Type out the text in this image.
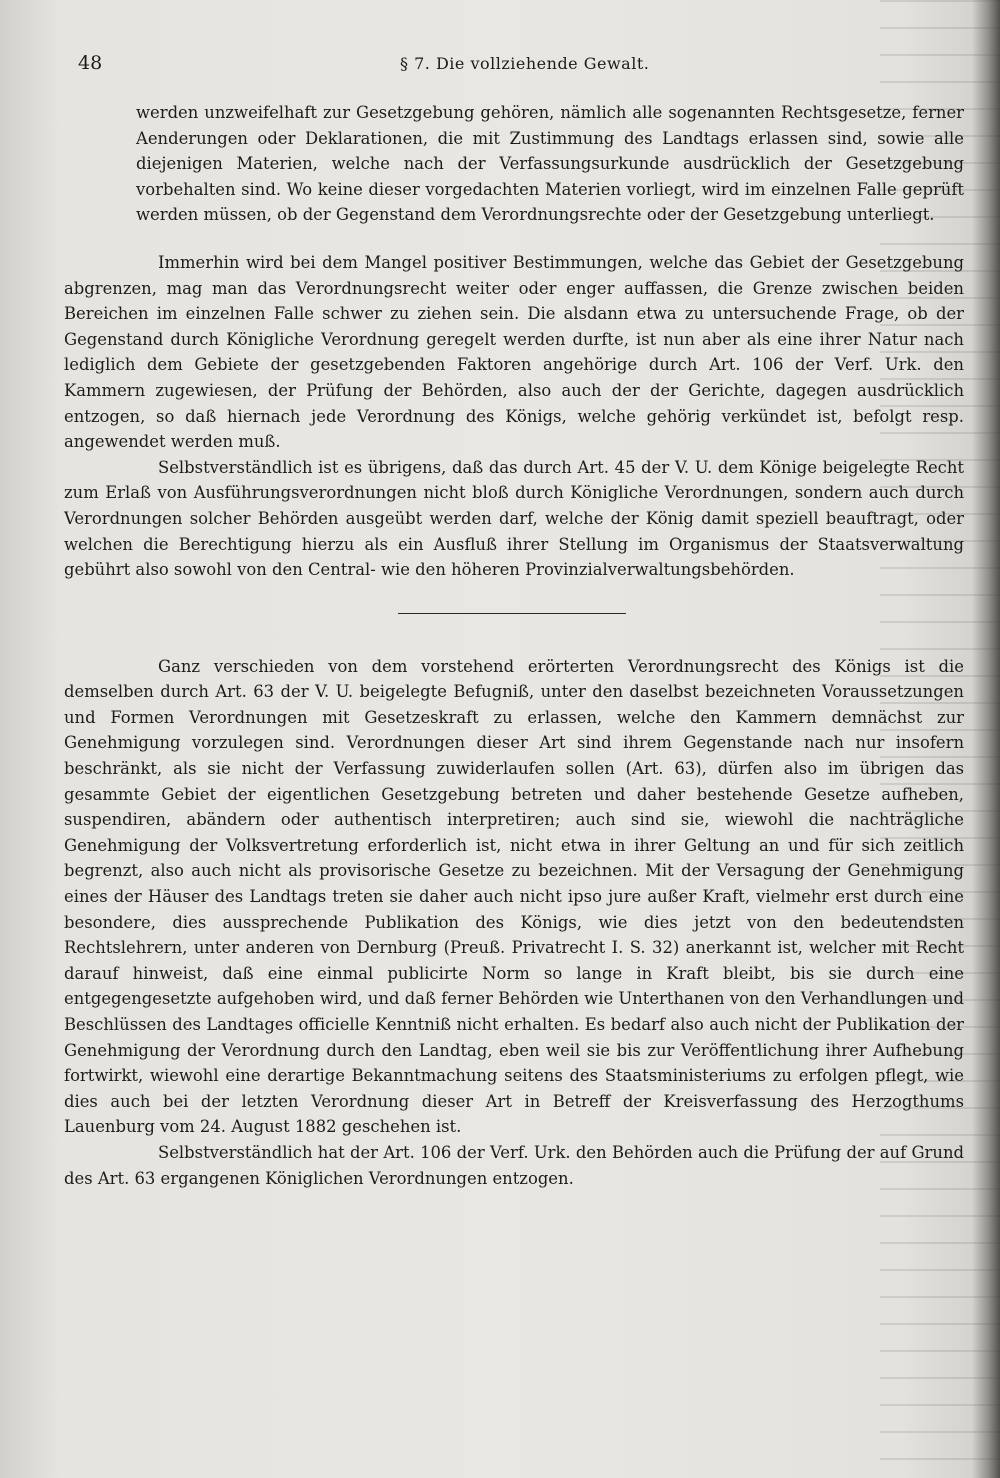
48	§ 7. Die vollziehende Gewalt.

werden unzweifelhaft zur Gesetzgebung gehören, nämlich alle sogenannten Rechtsgesetze, ferner Aenderungen oder Deklarationen, die mit Zustimmung des Landtags erlassen sind, sowie alle diejenigen Materien, welche nach der Verfassungsurkunde ausdrücklich der Gesetzgebung vorbehalten sind. Wo keine dieser vorgedachten Materien vorliegt, wird im einzelnen Falle geprüft werden müssen, ob der Gegenstand dem Verordnungsrechte oder der Gesetzgebung unterliegt.

Immerhin wird bei dem Mangel positiver Bestimmungen, welche das Gebiet der Gesetzgebung abgrenzen, mag man das Verordnungsrecht weiter oder enger auffassen, die Grenze zwischen beiden Bereichen im einzelnen Falle schwer zu ziehen sein. Die alsdann etwa zu untersuchende Frage, ob der Gegenstand durch Königliche Verordnung geregelt werden durfte, ist nun aber als eine ihrer Natur nach lediglich dem Gebiete der gesetzgebenden Faktoren angehörige durch Art. 106 der Verf. Urk. den Kammern zugewiesen, der Prüfung der Behörden, also auch der der Gerichte, dagegen ausdrücklich entzogen, so daß hiernach jede Verordnung des Königs, welche gehörig verkündet ist, befolgt resp. angewendet werden muß.

Selbstverständlich ist es übrigens, daß das durch Art. 45 der V. U. dem Könige beigelegte Recht zum Erlaß von Ausführungsverordnungen nicht bloß durch Königliche Verordnungen, sondern auch durch Verordnungen solcher Behörden ausgeübt werden darf, welche der König damit speziell beauftragt, oder welchen die Berechtigung hierzu als ein Ausfluß ihrer Stellung im Organismus der Staatsverwaltung gebührt also sowohl von den Central- wie den höheren Provinzialverwaltungsbehörden.

Ganz verschieden von dem vorstehend erörterten Verordnungsrecht des Königs ist die demselben durch Art. 63 der V. U. beigelegte Befugniß, unter den daselbst bezeichneten Voraussetzungen und Formen Verordnungen mit Gesetzeskraft zu erlassen, welche den Kammern demnächst zur Genehmigung vorzulegen sind. Verordnungen dieser Art sind ihrem Gegenstande nach nur insofern beschränkt, als sie nicht der Verfassung zuwiderlaufen sollen (Art. 63), dürfen also im übrigen das gesammte Gebiet der eigentlichen Gesetzgebung betreten und daher bestehende Gesetze aufheben, suspendiren, abändern oder authentisch interpretiren; auch sind sie, wiewohl die nachträgliche Genehmigung der Volksvertretung erforderlich ist, nicht etwa in ihrer Geltung an und für sich zeitlich begrenzt, also auch nicht als provisorische Gesetze zu bezeichnen. Mit der Versagung der Genehmigung eines der Häuser des Landtags treten sie daher auch nicht ipso jure außer Kraft, vielmehr erst durch eine besondere, dies aussprechende Publikation des Königs, wie dies jetzt von den bedeutendsten Rechtslehrern, unter anderen von Dernburg (Preuß. Privatrecht I. S. 32) anerkannt ist, welcher mit Recht darauf hinweist, daß eine einmal publicirte Norm so lange in Kraft bleibt, bis sie durch eine entgegengesetzte aufgehoben wird, und daß ferner Behörden wie Unterthanen von den Verhandlungen und Beschlüssen des Landtages officielle Kenntniß nicht erhalten. Es bedarf also auch nicht der Publikation der Genehmigung der Verordnung durch den Landtag, eben weil sie bis zur Veröffentlichung ihrer Aufhebung fortwirkt, wiewohl eine derartige Bekanntmachung seitens des Staatsministeriums zu erfolgen pflegt, wie dies auch bei der letzten Verordnung dieser Art in Betreff der Kreisverfassung des Herzogthums Lauenburg vom 24. August 1882 geschehen ist.

Selbstverständlich hat der Art. 106 der Verf. Urk. den Behörden auch die Prüfung der auf Grund des Art. 63 ergangenen Königlichen Verordnungen entzogen.
